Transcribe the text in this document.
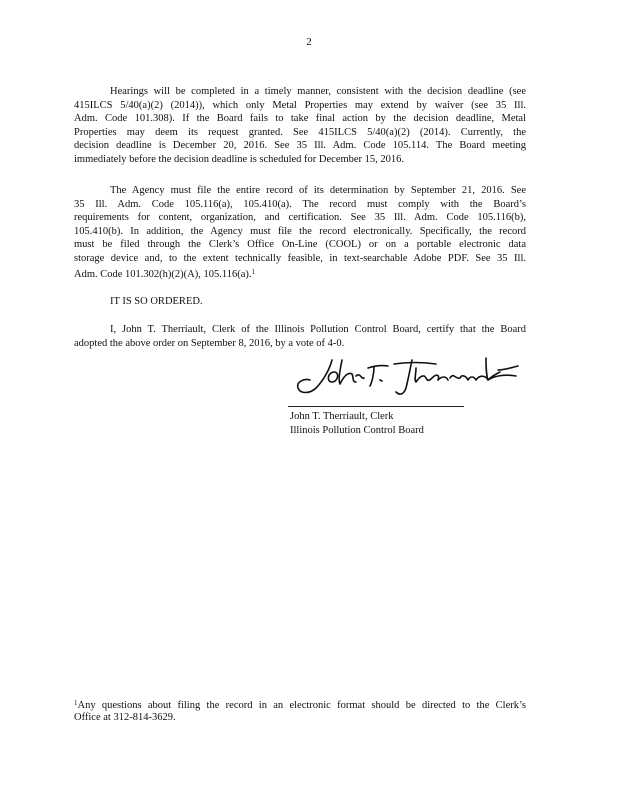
2
Hearings will be completed in a timely manner, consistent with the decision deadline (see
415ILCS 5/40(a)(2) (2014)), which only Metal Properties may extend by waiver (see 35 Ill.
Adm. Code 101.308). If the Board fails to take final action by the decision deadline, Metal
Properties may deem its request granted. See 415ILCS 5/40(a)(2) (2014). Currently, the
decision deadline is December 20, 2016. See 35 Ill. Adm. Code 105.114. The Board meeting
immediately before the decision deadline is scheduled for December 15, 2016.
The Agency must file the entire record of its determination by September 21, 2016. See
35 Ill. Adm. Code 105.116(a), 105.410(a). The record must comply with the Board’s
requirements for content, organization, and certification. See 35 Ill. Adm. Code 105.116(b),
105.410(b). In addition, the Agency must file the record electronically. Specifically, the record
must be filed through the Clerk’s Office On-Line (COOL) or on a portable electronic data
storage device and, to the extent technically feasible, in text-searchable Adobe PDF. See 35 Ill.
Adm. Code 101.302(h)(2)(A), 105.116(a).$^1$
IT IS SO ORDERED.
I, John T. Therriault, Clerk of the Illinois Pollution Control Board, certify that the Board
adopted the above order on September 8, 2016, by a vote of 4-0.
John T. Therriault, Clerk
Illinois Pollution Control Board
$^1$Any questions about filing the record in an electronic format should be directed to the Clerk’s
Office at 312-814-3629.
